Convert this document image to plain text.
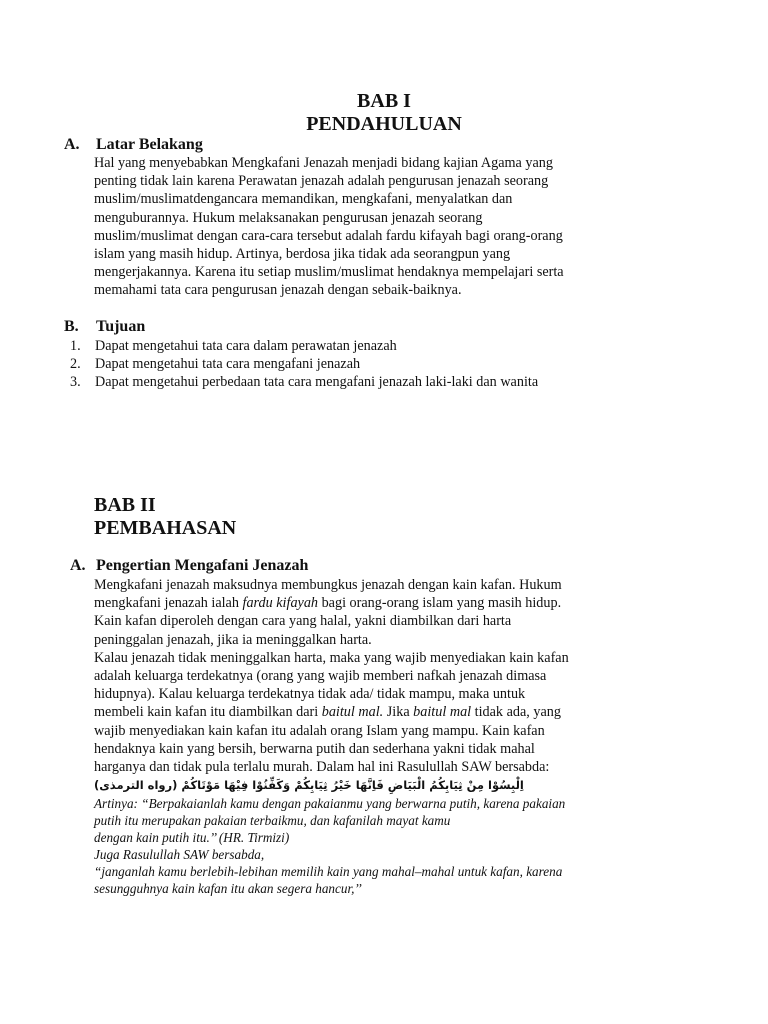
BAB I
PENDAHULUAN
A. Latar Belakang
Hal yang menyebabkan Mengkafani Jenazah menjadi bidang kajian Agama yang
penting tidak lain karena Perawatan jenazah adalah pengurusan jenazah seorang
muslim/muslimatdengancara memandikan, mengkafani, menyalatkan dan
menguburannya. Hukum melaksanakan pengurusan jenazah seorang
muslim/muslimat dengan cara-cara tersebut adalah fardu kifayah bagi orang-orang
islam yang masih hidup. Artinya, berdosa jika tidak ada seorangpun yang
mengerjakannya. Karena itu setiap muslim/muslimat hendaknya mempelajari serta
memahami tata cara pengurusan jenazah dengan sebaik-baiknya.
B. Tujuan
1. Dapat mengetahui tata cara dalam perawatan jenazah
2. Dapat mengetahui tata cara mengafani jenazah
3. Dapat mengetahui perbedaan tata cara mengafani jenazah laki-laki dan wanita
BAB II
PEMBAHASAN
A. Pengertian Mengafani Jenazah
Mengkafani jenazah maksudnya membungkus jenazah dengan kain kafan. Hukum
mengkafani jenazah ialah fardu kifayah bagi orang-orang islam yang masih hidup.
Kain kafan diperoleh dengan cara yang halal, yakni diambilkan dari harta
peninggalan jenazah, jika ia meninggalkan harta.
Kalau jenazah tidak meninggalkan harta, maka yang wajib menyediakan kain kafan
adalah keluarga terdekatnya (orang yang wajib memberi nafkah jenazah dimasa
hidupnya). Kalau keluarga terdekatnya tidak ada/ tidak mampu, maka untuk
membeli kain kafan itu diambilkan dari baitul mal. Jika baitul mal tidak ada, yang
wajib menyediakan kain kafan itu adalah orang Islam yang mampu. Kain kafan
hendaknya kain yang bersih, berwarna putih dan sederhana yakni tidak mahal
harganya dan tidak pula terlalu murah. Dalam hal ini Rasulullah SAW bersabda:
اِلْبِسُوْا مِنْ ثِيَابِكُمُ الْبَيَاضِ فَاِنَّهَا خَيْرُ ثِيَابِكُمْ وَكَفِّنُوْا فِيْهَا مَوْتَاكُمْ (رواه الترمذى)
Artinya: “Berpakaianlah kamu dengan pakaianmu yang berwarna putih, karena pakaian
putih itu merupakan pakaian terbaikmu, dan kafanilah mayat kamu
dengan kain putih itu.’’ (HR. Tirmizi)
Juga Rasulullah SAW bersabda,
“janganlah kamu berlebih-lebihan memilih kain yang mahal–mahal untuk kafan, karena
sesungguhnya kain kafan itu akan segera hancur,’’
